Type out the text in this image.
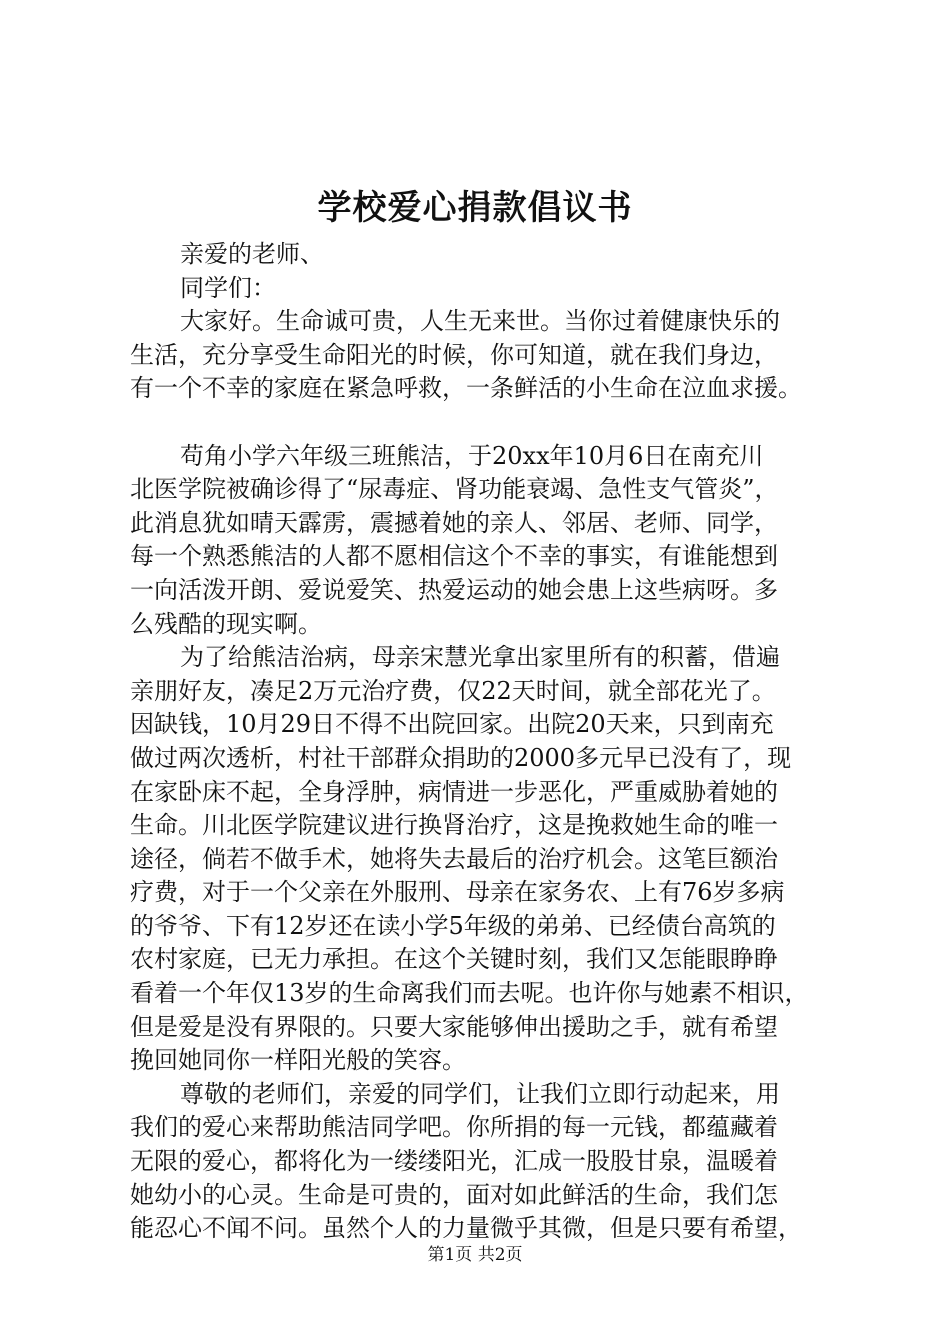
学校爱心捐款倡议书
亲爱的老师、
同学们：
大家好。生命诚可贵，人生无来世。当你过着健康快乐的
生活，充分享受生命阳光的时候，你可知道，就在我们身边，
有一个不幸的家庭在紧急呼救，一条鲜活的小生命在泣血求援。
苟角小学六年级三班熊洁，于20xx年10月6日在南充川
北医学院被确诊得了“尿毒症、肾功能衰竭、急性支气管炎”，
此消息犹如晴天霹雳，震撼着她的亲人、邻居、老师、同学，
每一个熟悉熊洁的人都不愿相信这个不幸的事实，有谁能想到
一向活泼开朗、爱说爱笑、热爱运动的她会患上这些病呀。多
么残酷的现实啊。
为了给熊洁治病，母亲宋慧光拿出家里所有的积蓄，借遍
亲朋好友，凑足2万元治疗费，仅22天时间，就全部花光了。
因缺钱，10月29日不得不出院回家。出院20天来，只到南充
做过两次透析，村社干部群众捐助的2000多元早已没有了，现
在家卧床不起，全身浮肿，病情进一步恶化，严重威胁着她的
生命。川北医学院建议进行换肾治疗，这是挽救她生命的唯一
途径，倘若不做手术，她将失去最后的治疗机会。这笔巨额治
疗费，对于一个父亲在外服刑、母亲在家务农、上有76岁多病
的爷爷、下有12岁还在读小学5年级的弟弟、已经债台高筑的
农村家庭，已无力承担。在这个关键时刻，我们又怎能眼睁睁
看着一个年仅13岁的生命离我们而去呢。也许你与她素不相识，
但是爱是没有界限的。只要大家能够伸出援助之手，就有希望
挽回她同你一样阳光般的笑容。
尊敬的老师们，亲爱的同学们，让我们立即行动起来，用
我们的爱心来帮助熊洁同学吧。你所捐的每一元钱，都蕴藏着
无限的爱心，都将化为一缕缕阳光，汇成一股股甘泉，温暖着
她幼小的心灵。生命是可贵的，面对如此鲜活的生命，我们怎
能忍心不闻不问。虽然个人的力量微乎其微，但是只要有希望，
第1页 共2页
